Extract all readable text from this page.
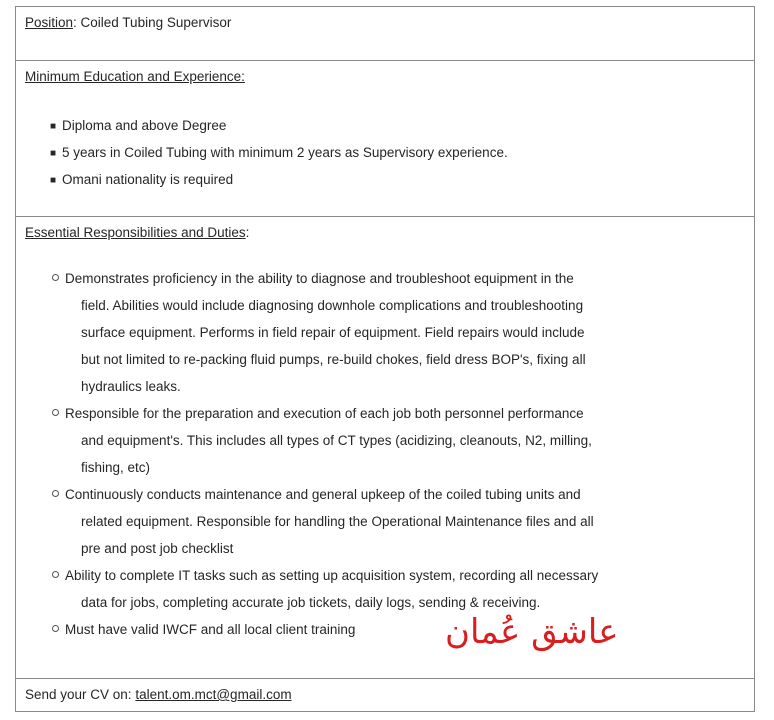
Position: Coiled Tubing Supervisor
Minimum Education and Experience:
■ Diploma and above Degree
■ 5 years in Coiled Tubing with minimum 2 years as Supervisory experience.
■ Omani nationality is required
Essential Responsibilities and Duties:
Demonstrates proficiency in the ability to diagnose and troubleshoot equipment in the
field. Abilities would include diagnosing downhole complications and troubleshooting
surface equipment. Performs in field repair of equipment. Field repairs would include
but not limited to re-packing fluid pumps, re-build chokes, field dress BOP's, fixing all
hydraulics leaks.
Responsible for the preparation and execution of each job both personnel performance
and equipment's. This includes all types of CT types (acidizing, cleanouts, N2, milling,
fishing, etc)
Continuously conducts maintenance and general upkeep of the coiled tubing units and
related equipment. Responsible for handling the Operational Maintenance files and all
pre and post job checklist
Ability to complete IT tasks such as setting up acquisition system, recording all necessary
data for jobs, completing accurate job tickets, daily logs, sending & receiving.
Must have valid IWCF and all local client training
Send your CV on: talent.om.mct@gmail.com
عاشق عُمان
